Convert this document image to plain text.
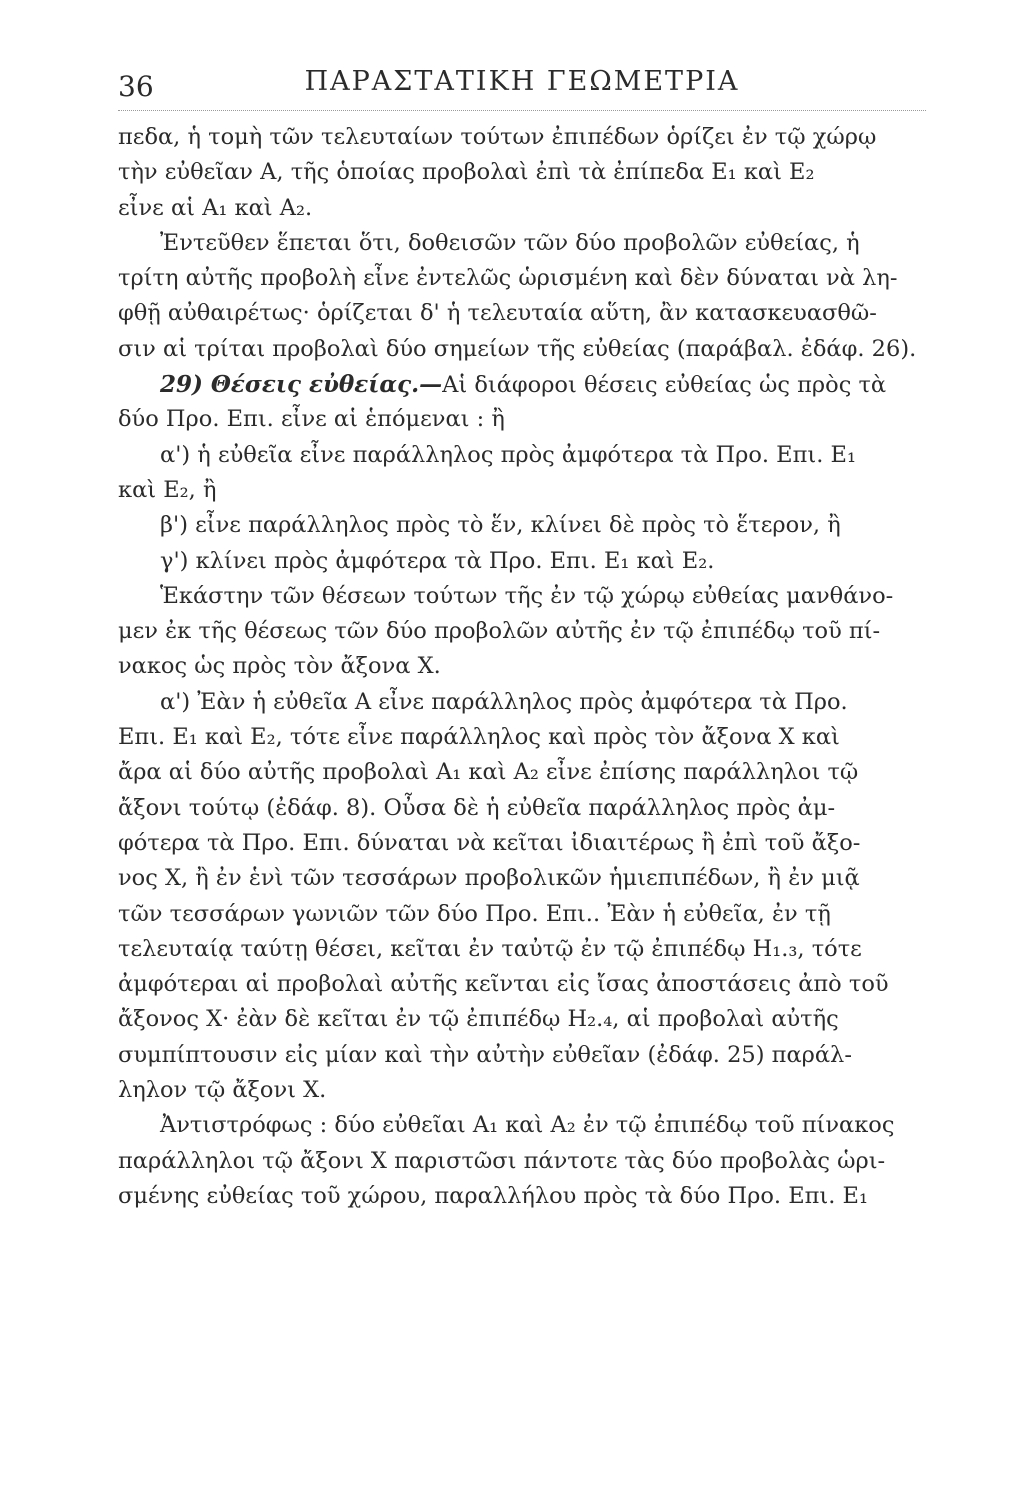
36	ΠΑΡΑΣΤΑΤΙΚΗ ΓΕΩΜΕΤΡΙΑ
πεδα, ἡ τομὴ τῶν τελευταίων τούτων ἐπιπέδων ὁρίζει ἐν τῷ χώρῳ
τὴν εὐθεῖαν Α, τῆς ὁποίας προβολαὶ ἐπὶ τὰ ἐπίπεδα Ε₁ καὶ Ε₂
εἶνε αἱ Α₁ καὶ Α₂.
Ἐντεῦθεν ἕπεται ὅτι, δοθεισῶν τῶν δύο προβολῶν εὐθείας, ἡ
τρίτη αὐτῆς προβολὴ εἶνε ἐντελῶς ὡρισμένη καὶ δὲν δύναται νὰ λη-
φθῇ αὐθαιρέτως· ὁρίζεται δ' ἡ τελευταία αὕτη, ἂν κατασκευασθῶ-
σιν αἱ τρίται προβολαὶ δύο σημείων τῆς εὐθείας (παράβαλ. ἐδάφ. 26).
29) Θέσεις εὐθείας.—Αἱ διάφοροι θέσεις εὐθείας ὡς πρὸς τὰ
δύο Προ. Επι. εἶνε αἱ ἑπόμεναι : ἢ
α') ἡ εὐθεῖα εἶνε παράλληλος πρὸς ἀμφότερα τὰ Προ. Επι. Ε₁
καὶ Ε₂, ἢ
β') εἶνε παράλληλος πρὸς τὸ ἕν, κλίνει δὲ πρὸς τὸ ἕτερον, ἢ
γ') κλίνει πρὸς ἀμφότερα τὰ Προ. Επι. Ε₁ καὶ Ε₂.
Ἑκάστην τῶν θέσεων τούτων τῆς ἐν τῷ χώρῳ εὐθείας μανθάνο-
μεν ἐκ τῆς θέσεως τῶν δύο προβολῶν αὐτῆς ἐν τῷ ἐπιπέδῳ τοῦ πί-
νακος ὡς πρὸς τὸν ἄξονα Χ.
α') Ἐὰν ἡ εὐθεῖα Α εἶνε παράλληλος πρὸς ἀμφότερα τὰ Προ.
Επι. Ε₁ καὶ Ε₂, τότε εἶνε παράλληλος καὶ πρὸς τὸν ἄξονα Χ καὶ
ἄρα αἱ δύο αὐτῆς προβολαὶ Α₁ καὶ Α₂ εἶνε ἐπίσης παράλληλοι τῷ
ἄξονι τούτῳ (ἐδάφ. 8). Οὖσα δὲ ἡ εὐθεῖα παράλληλος πρὸς ἀμ-
φότερα τὰ Προ. Επι. δύναται νὰ κεῖται ἰδιαιτέρως ἢ ἐπὶ τοῦ ἄξο-
νος Χ, ἢ ἐν ἑνὶ τῶν τεσσάρων προβολικῶν ἡμιεπιπέδων, ἢ ἐν μιᾷ
τῶν τεσσάρων γωνιῶν τῶν δύο Προ. Επι.. Ἐὰν ἡ εὐθεῖα, ἐν τῇ
τελευταίᾳ ταύτῃ θέσει, κεῖται ἐν ταὐτῷ ἐν τῷ ἐπιπέδῳ Η₁.₃, τότε
ἀμφότεραι αἱ προβολαὶ αὐτῆς κεῖνται εἰς ἴσας ἀποστάσεις ἀπὸ τοῦ
ἄξονος Χ· ἐὰν δὲ κεῖται ἐν τῷ ἐπιπέδῳ Η₂.₄, αἱ προβολαὶ αὐτῆς
συμπίπτουσιν εἰς μίαν καὶ τὴν αὐτὴν εὐθεῖαν (ἐδάφ. 25) παράλ-
ληλον τῷ ἄξονι Χ.
Ἀντιστρόφως : δύο εὐθεῖαι Α₁ καὶ Α₂ ἐν τῷ ἐπιπέδῳ τοῦ πίνακος
παράλληλοι τῷ ἄξονι Χ παριστῶσι πάντοτε τὰς δύο προβολὰς ὡρι-
σμένης εὐθείας τοῦ χώρου, παραλλήλου πρὸς τὰ δύο Προ. Επι. Ε₁
